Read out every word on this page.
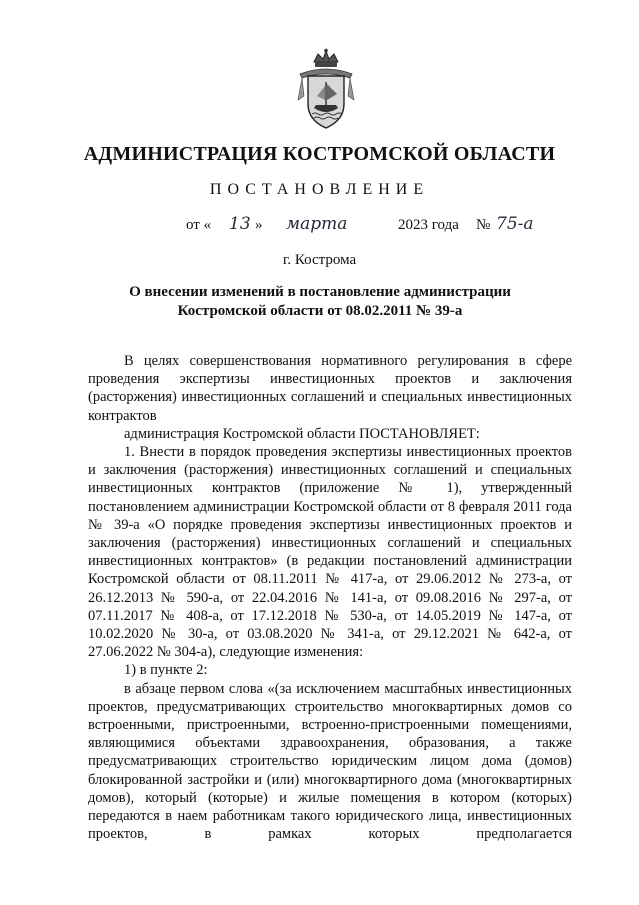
АДМИНИСТРАЦИЯ КОСТРОМСКОЙ ОБЛАСТИ
ПОСТАНОВЛЕНИЕ
от « 13 » марта	2023 года № 75-а
г. Кострома
О внесении изменений в постановление администрации
Костромской области от 08.02.2011 № 39-а

В целях совершенствования нормативного регулирования в сфере проведения экспертизы инвестиционных проектов и заключения (расторжения) инвестиционных соглашений и специальных инвестиционных контрактов

администрация Костромской области ПОСТАНОВЛЯЕТ:

1. Внести в порядок проведения экспертизы инвестиционных проектов и заключения (расторжения) инвестиционных соглашений и специальных инвестиционных контрактов (приложение № 1), утвержденный постановлением администрации Костромской области от 8 февраля 2011 года № 39-а «О порядке проведения экспертизы инвестиционных проектов и заключения (расторжения) инвестиционных соглашений и специальных инвестиционных контрактов» (в редакции постановлений администрации Костромской области от 08.11.2011 № 417-а, от 29.06.2012 № 273-а, от 26.12.2013 № 590-а, от 22.04.2016 № 141-а, от 09.08.2016 № 297-а, от 07.11.2017 № 408-а, от 17.12.2018 № 530-а, от 14.05.2019 № 147-а, от 10.02.2020 № 30-а, от 03.08.2020 № 341-а, от 29.12.2021 № 642-а, от 27.06.2022 № 304-а), следующие изменения:

1) в пункте 2:

в абзаце первом слова «(за исключением масштабных инвестиционных проектов, предусматривающих строительство многоквартирных домов со встроенными, пристроенными, встроенно-пристроенными помещениями, являющимися объектами здравоохранения, образования, а также предусматривающих строительство юридическим лицом дома (домов) блокированной застройки и (или) многоквартирного дома (многоквартирных домов), который (которые) и жилые помещения в котором (которых) передаются в наем работникам такого юридического лица, инвестиционных проектов, в рамках которых предполагается
